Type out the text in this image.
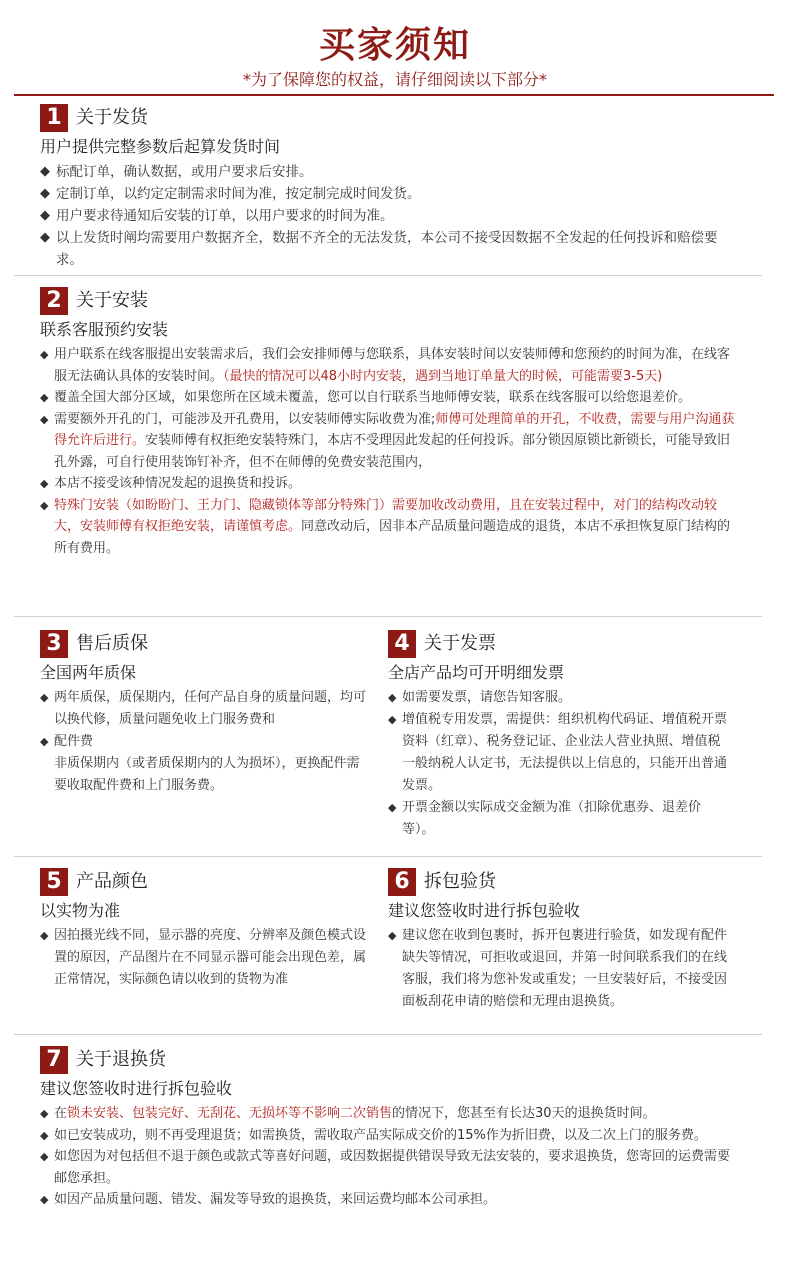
买家须知
*为了保障您的权益，请仔细阅读以下部分*
1 关于发货
用户提供完整参数后起算发货时间
◆ 标配订单，确认数据，或用户要求后安排。
◆ 定制订单，以约定定制需求时间为准，按定制完成时间发货。
◆ 用户要求待通知后安装的订单，以用户要求的时间为准。
◆ 以上发货时阐均需要用户数据齐全，数据不齐全的无法发货，本公司不接受因数据不全发起的任何投诉和赔偿要求。
2 关于安装
联系客服预约安装
◆ 用户联系在线客服提出安装需求后，我们会安排师傅与您联系，具体安装时间以安装师傅和您预约的时间为准，在线客服无法确认具体的安装时间。（最快的情况可以48小时内安装，遇到当地订单量大的时候，可能需要3-5天)
◆ 覆盖全国大部分区域，如果您所在区域未覆盖，您可以自行联系当地师傅安装，联系在线客服可以给您退差价。
◆ 需要额外开孔的门，可能涉及开孔费用，以安装师傅实际收费为准;师傅可处理简单的开孔，不收费，需要与用户沟通获得允许后进行。安装师傅有权拒绝安装特殊门，本店不受理因此发起的任何投诉。部分锁因原锁比新锁长，可能导致旧孔外露，可自行使用装饰钉补齐，但不在师傅的免费安装范围内，
◆ 本店不接受该种情况发起的退换货和投诉。
◆ 特殊门安装（如盼盼门、王力门、隐藏锁体等部分特殊门）需要加收改动费用，且在安装过程中，对门的结构改动较大，安装师傅有权拒绝安装，请谨慎考虑。同意改动后，因非本产品质量问题造成的退货，本店不承担恢复原门结构的所有费用。
3 售后质保
全国两年质保
◆ 两年质保，质保期内，任何产品自身的质量问题，均可以换代修，质量问题免收上门服务费和
◆ 配件费
非质保期内（或者质保期内的人为损坏），更换配件需要收取配件费和上门服务费。
4 关于发票
全店产品均可开明细发票
◆ 如需要发票，请您告知客服。
◆ 增值税专用发票，需提供：组织机构代码证、增值税开票资料（红章）、税务登记证、企业法人营业执照、增值税一般纳税人认定书，无法提供以上信息的，只能开出普通发票。
◆ 开票金额以实际成交金额为准（扣除优惠券、退差价等）。
5 产品颜色
以实物为准
◆ 因拍摄光线不同，显示器的亮度、分辨率及颜色模式设置的原因，产品图片在不同显示器可能会出现色差，属正常情况，实际颜色请以收到的货物为准
6 拆包验货
建议您签收时进行拆包验收
◆ 建议您在收到包裹时，拆开包裹进行验货，如发现有配件缺失等情况，可拒收或退回，并第一时间联系我们的在线客服，我们将为您补发或重发；一旦安装好后，不接受因面板刮花申请的赔偿和无理由退换货。
7 关于退换货
建议您签收时进行拆包验收
◆ 在锁未安装、包装完好、无刮花、无损坏等不影响二次销售的情况下，您甚至有长达30天的退换货时间。
◆ 如已安装成功，则不再受理退货；如需换货，需收取产品实际成交价的15%作为折旧费，以及二次上门的服务费。
◆ 如您因为对包括但不退于颜色或款式等喜好问题，或因数据提供错误导致无法安装的，要求退换货，您寄回的运费需要邮您承担。
◆ 如因产品质量问题、错发、漏发等导致的退换货，来回运费均邮本公司承担。
